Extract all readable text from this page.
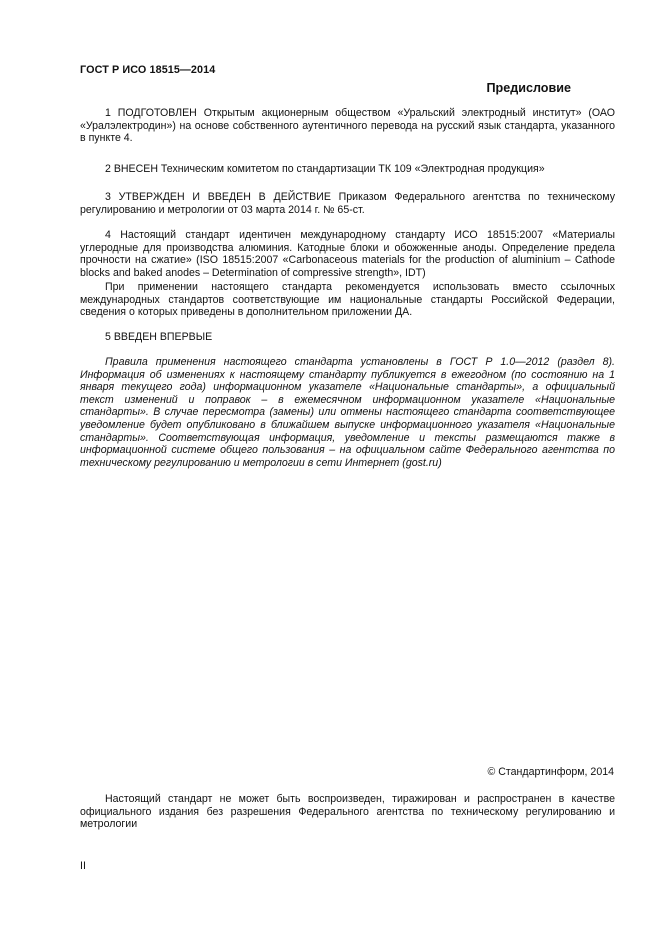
ГОСТ Р ИСО 18515—2014
Предисловие

1 ПОДГОТОВЛЕН Открытым акционерным обществом «Уральский электродный институт» (ОАО «Уралэлектродин») на основе собственного аутентичного перевода на русский язык стандарта, указанного в пункте 4.

2 ВНЕСЕН Техническим комитетом по стандартизации ТК 109 «Электродная продукция»

3 УТВЕРЖДЕН И ВВЕДЕН В ДЕЙСТВИЕ Приказом Федерального агентства по техническому регулированию и метрологии от 03 марта 2014 г. № 65-ст.

4 Настоящий стандарт идентичен международному стандарту ИСО 18515:2007 «Материалы углеродные для производства алюминия. Катодные блоки и обожженные аноды. Определение предела прочности на сжатие» (ISO 18515:2007 «Carbonaceous materials for the production of aluminium – Cathode blocks and baked anodes – Determination of compressive strength», IDT)

При применении настоящего стандарта рекомендуется использовать вместо ссылочных международных стандартов соответствующие им национальные стандарты Российской Федерации, сведения о которых приведены в дополнительном приложении ДА.

5 ВВЕДЕН ВПЕРВЫЕ

Правила применения настоящего стандарта установлены в ГОСТ Р 1.0—2012 (раздел 8). Информация об изменениях к настоящему стандарту публикуется в ежегодном (по состоянию на 1 января текущего года) информационном указателе «Национальные стандарты», а официальный текст изменений и поправок – в ежемесячном информационном указателе «Национальные стандарты». В случае пересмотра (замены) или отмены настоящего стандарта соответствующее уведомление будет опубликовано в ближайшем выпуске информационного указателя «Национальные стандарты». Соответствующая информация, уведомление и тексты размещаются также в информационной системе общего пользования – на официальном сайте Федерального агентства по техническому регулированию и метрологии в сети Интернет (gost.ru)

© Стандартинформ, 2014

Настоящий стандарт не может быть воспроизведен, тиражирован и распространен в качестве официального издания без разрешения Федерального агентства по техническому регулированию и метрологии

II
